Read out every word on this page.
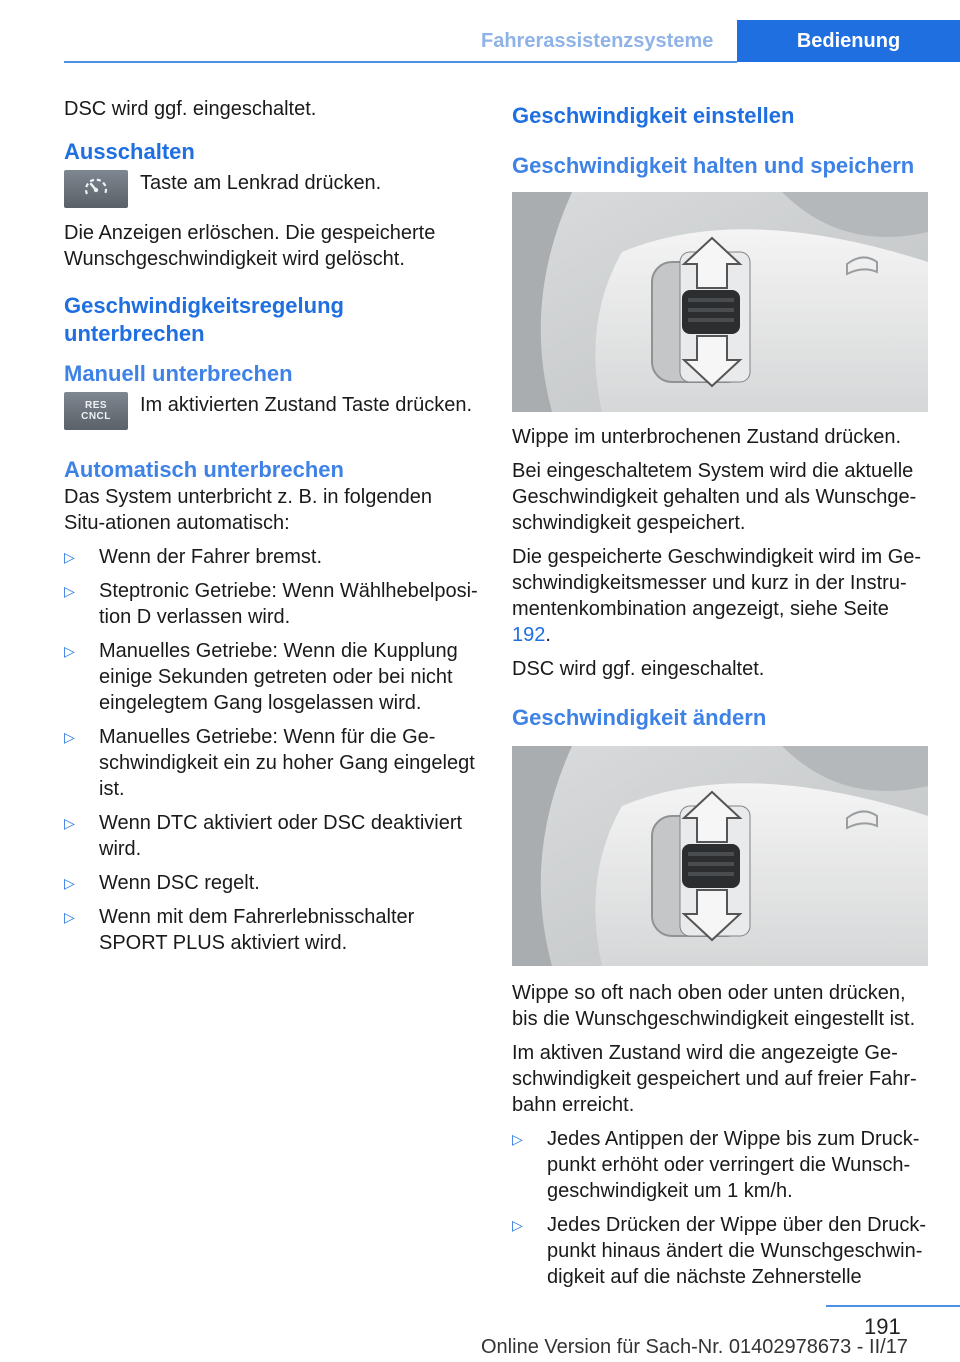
Fahrerassistenzsysteme	Bedienung

DSC wird ggf. eingeschaltet.

Ausschalten

Taste am Lenkrad drücken.

Die Anzeigen erlöschen. Die gespeicherte Wunschgeschwindigkeit wird gelöscht.

Geschwindigkeitsregelung unterbrechen
Manuell unterbrechen
RES
CNCL

Im aktivierten Zustand Taste drücken.

Automatisch unterbrechen

Das System unterbricht z. B. in folgenden Situ‐ationen automatisch:

▷	Wenn der Fahrer bremst.
▷	Steptronic Getriebe: Wenn Wählhebelposi‐tion D verlassen wird.
▷	Manuelles Getriebe: Wenn die Kupplung einige Sekunden getreten oder bei nicht eingelegtem Gang losgelassen wird.
▷	Manuelles Getriebe: Wenn für die Ge‐schwindigkeit ein zu hoher Gang eingelegt ist.
▷	Wenn DTC aktiviert oder DSC deaktiviert wird.
▷	Wenn DSC regelt.
▷	Wenn mit dem Fahrerlebnisschalter SPORT PLUS aktiviert wird.
Geschwindigkeit einstellen
Geschwindigkeit halten und speichern

Wippe im unterbrochenen Zustand drücken.

Bei eingeschaltetem System wird die aktuelle Geschwindigkeit gehalten und als Wunschge‐schwindigkeit gespeichert.

Die gespeicherte Geschwindigkeit wird im Ge‐schwindigkeitsmesser und kurz in der Instru‐mentenkombination angezeigt, siehe Seite 192.

DSC wird ggf. eingeschaltet.

Geschwindigkeit ändern

Wippe so oft nach oben oder unten drücken, bis die Wunschgeschwindigkeit eingestellt ist.

Im aktiven Zustand wird die angezeigte Ge‐schwindigkeit gespeichert und auf freier Fahr‐bahn erreicht.

▷	Jedes Antippen der Wippe bis zum Druck‐punkt erhöht oder verringert die Wunsch‐geschwindigkeit um 1 km/h.
▷	Jedes Drücken der Wippe über den Druck‐punkt hinaus ändert die Wunschgeschwin‐digkeit auf die nächste Zehnerstelle
191
Online Version für Sach-Nr. 01402978673 - II/17
